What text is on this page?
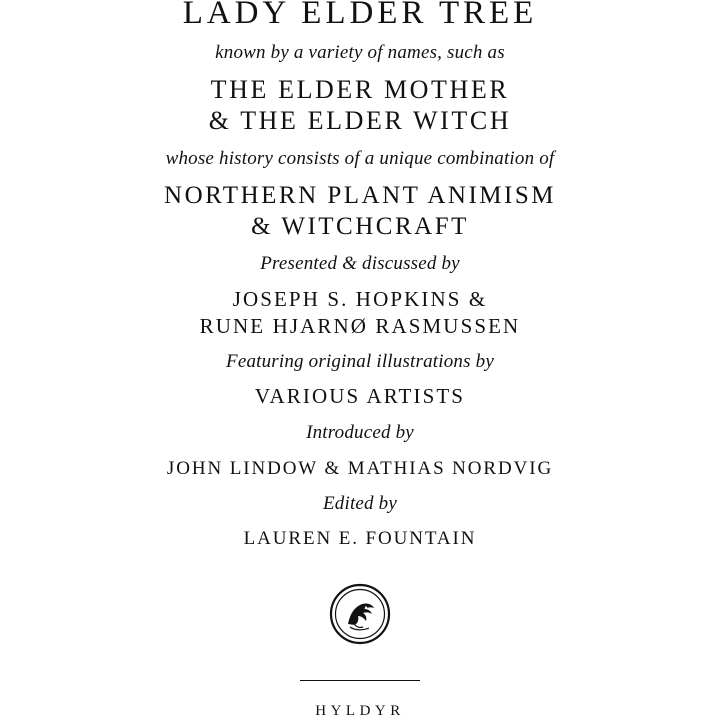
LADY ELDER TREE
known by a variety of names, such as
THE ELDER MOTHER
& THE ELDER WITCH
whose history consists of a unique combination of
NORTHERN PLANT ANIMISM
& WITCHCRAFT
Presented & discussed by
JOSEPH S. HOPKINS &
RUNE HJARNØ RASMUSSEN
Featuring original illustrations by
VARIOUS ARTISTS
Introduced by
JOHN LINDOW & MATHIAS NORDVIG
Edited by
LAUREN E. FOUNTAIN
HYLDYR
